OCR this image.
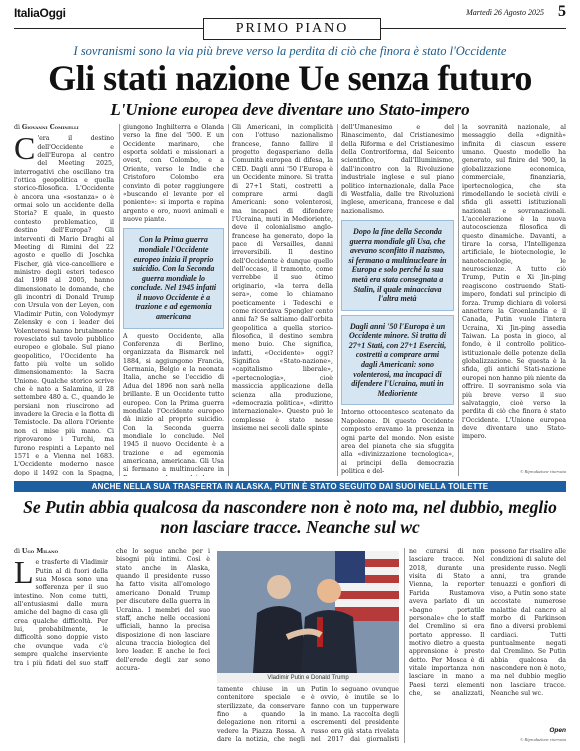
ItaliaOggi
PRIMO PIANO
Martedì 26 Agosto 2025 5
I sovranismi sono la via più breve verso la perdita di ciò che finora è stato l'Occidente
Gli stati nazione Ue senza futuro
L'Unione europea deve diventare uno Stato-impero
di Giovanni Cominelli
C 'era il destino dell'Occidente e dell'Europa al centro del Meeting 2025, interrogativi che oscillano tra l'ottica geopolitica e quella storico-filosofica. L'Occidente è ancora una «sostanza» o è ormai solo un accidente della Storia? E quale, in questo contesto problematico, il destino dell'Europa? Gli interventi di Mario Draghi al Meeting di Rimini del 22 agosto e quello di Joschka Fischer, già vice-cancelliere e ministro degli esteri tedesco dal 1998 al 2005, hanno dimensionato le domande, che gli incontri di Donald Trump con Ursula von der Leyen, con Vladimir Putin, con Volodymyr Zelensky e con i leader dei Volenterosi hanno brutalmente rovesciato sul tavolo pubblico europeo e globale. Sul piano geopolitico, l'Occidente ha fatto più volte un solido dimensionamento: la Sacra Unione. Qualche storico scrive che è nato a Salamina, il 28 settembre 480 a. C., quando le persiani non riuscirono ad invadere la Grecia e la flotta di Temistocle. Da allora l'Oriente non ci mise più mano. Ci riprovarono i Turchi, ma furono respinti a Lepanto nel 1571 e a Vienna nel 1683. L'Occidente moderno nasce dopo il 1492 con la Spagna,

giungono Inghilterra e Olanda verso la fine del '500. E un Occidente marinaro, che esporta soldati e missionari a ovest, con Colombo, e a Oriente, verso le Indie che Cristoforo Colombo era convinto di poter raggiungere «buscando el levante por el poniente»: si importa e rapina argento e oro, nuovi animali e nuove piante.

Con la Prima guerra mondiale l'Occidente europeo inizia il proprio suicidio. Con la Seconda guerra mondiale lo conclude. Nel 1945 infatti il nuovo Occidente è a trazione e ad egemonia americana

A questo Occidente, alla Conferenza di Berlino, organizzata da Bismarck nel 1884, si aggiungono Francia, Germania, Belgio e la neonata Italia, anche se l'eccidio di Adua del 1896 non sarà nella brillante. È un Occidente tutto europeo. Con la Prima guerra mondiale l'Occidente europeo dà inizio al proprio suicidio. Con la Seconda guerra mondiale lo conclude. Nel 1945 il nuovo Occidente è a trazione e ad egemonia americana, americana. Gli Usa si fermano a multinucleare in

Gli Americani, in complicità con l'ottuso nazionalismo francese, fanno fallire il progetto degasperiano della Comunità europea di difesa, la CED. Dagli anni '50 l'Europa è un Occidente minore. Si tratta di 27+1 Stati, costretti a comprare armi dagli Americani: sono volenterosi, ma incapaci di difendere l'Ucraina, muti in Medioriente, deve il colonialismo anglo-francese ha generato, dopo la pace di Versailles, danni irreversibili. Il destino dell'Occidente è dunque quello dell'occaso, il tramonto, come verrebbe il suo ètimo originario, «la terra della sera», come lo chiamano poeticamente i Tedeschi e come ricordava Spengler cento anni fa? Se saltiamo dall'orbita geopolitica a quella storico-filosofica, il destino sembra meno buio. Che significa, infatti, «Occidente» oggi? Significa «Stato-nazione», «capitalismo liberale», «pertecnologia», cioè massiccia applicazione della scienza alla produzione, «democrazia politica», «diritto internazionale». Questo può le complesse è stato nesse insieme nei secoli dalle spinte

dell'Umanesimo e del Rinascimento, dal Cristianesimo della Riforma e del Cristianesimo della Controriforma, dal Seicento scientifico, dall'Illuminismo, dall'incontro con la Rivoluzione industriale inglese e sul piano politico internazionale, dalla Pace di Westfalia, dalle tre Rivoluzioni inglese, americana, francese e dal nazionalismo.

Dopo la fine della Seconda guerra mondiale gli Usa, che avevano sconfitto il nazismo, si fermano a multinucleare in Europa e solo perché la sua metà era stata consegnata a Stalin, il quale minacciava l'altra metà
Dagli anni '50 l'Europa è un Occidente minore. Si tratta di 27+1 Stati, con 27+1 Eserciti, costretti a comprare armi dagli Americani: sono volenterosi, ma incapaci di difendere l'Ucraina, muti in Medioriente

Intorno ottocentesco scatenato da Napoleone. Di questo Occidente composto eravamo la presenza in ogni parte del mondo. Non esiste area del pianeta che sia sfuggita alla «divinizzazione tecnologica», ai principi della democrazia politica e del-

la sovranità nazionale, al messaggio della «dignità» infinita di ciascun essere umano. Questo modello ha generato, sul finire del '900, la globalizzazione economica, commerciale, finanziaria, ipertecnologica, che sta rimodellando le società civili e sfida gli assetti istituzionali nazionali e sovranazionali. L'accelerazione è la nuova autocoscienza filosofica di questo dinamiche. Davanti, a tirare la corsa, l'Intelligenza artificiale, le biotecnologie, le nanotecnologie, le neuroscienze. A tutto ciò Trump, Putin e Xi Jin-ping reagiscono costruendo Stati-impero, fondati sul principio di forza. Trump dichiara di volersi annettere la Groenlandia e il Canada, Putin vuole l'intera Ucraina, Xi Jin-ping assedia Taiwan. La posta in gioco, al fondo, è il controllo politico-istituzionale delle potenze della globalizzazione. Se questa è la sfida, gli antichi Stati-nazione europei non hanno più niente da offrire. Il sovranismo sola via più breve verso il suo salvataggio, cioè verso la perdita di ciò che finora è stato l'Occidente. L'Unione europea deve diventare uno Stato-impero.

© Riproduzione riservata
ANCHE NELLA SUA TRASFERTA IN ALASKA, PUTIN È STATO SEGUITO DAI SUOI NELLA TOILETTE
Se Putin abbia qualcosa da nascondere non è noto ma, nel dubbio, meglio non lasciare tracce. Neanche sul wc
di Ugo Milano
L e trasferte di Vladimir Putin al di fuori della sua Mosca sono una sofferenza per il suo intestino. Non come tutti, all'entusiasmi dalle mura amiche del bagno di casa gli crea qualche difficoltà. Per lui, probabilmente, le difficoltà sono doppie visto che ovunque vada c'è sempre qualche inserviente tra i più fidati del suo staff che lo segue anche per i bisogni più intimi. Così è stato anche in Alaska, quando il presidente russo ha fatto visita all'omologo americano Donald Trump per discutere della guerra in Ucraina. I membri del suo staff, anche nelle occasioni ufficiali, hanno la precisa disposizione di non lasciare alcuna traccia biologica del loro leader. E anche le feci dell'erede degli zar sono accura-
Vladimir Putin e Donald Trump

tamente chiuse in un contenitore speciale e sterilizzate, da conservare fino a quando la delegazione non ritorni a vedere la Piazza Rossa. A dare la notizia, che negli

Putin lo seguano ovunque è ovvio, è inutile se lo fanno con un tupperware in mano. La raccolta degli escrementi del presidente russo era già stata rivelata nel 2017 dai giornalisti

ne curarsi di non lasciare tracce. Nel 2018, durante una visita di Stato a Vienna, la reporter Farida Rustamova aveva parlato di un «bagno portatile personale» che lo staff del Cremlino si era portato appresso. Il motivo dietro a questa apprensione è presto detto. Per Mosca è di vitale importanza non lasciare in mano a Paesi terzi elementi che, se analizzati, possono far risalire alle condizioni di salute del presidente russo. Negli anni, tra grande tenuazzi e gonfiori di viso, a Putin sono state accostate numerose malattie dal cancro al morbo di Parkinson fino a diversi problemi cardiaci. Tutti puntualmente negati dal Cremlino. Se Putin abbia qualcosa da nascondere non è noto, ma nel dubbio meglio non lasciare tracce. Neanche sul wc.

Open
© Riproduzione riservata
